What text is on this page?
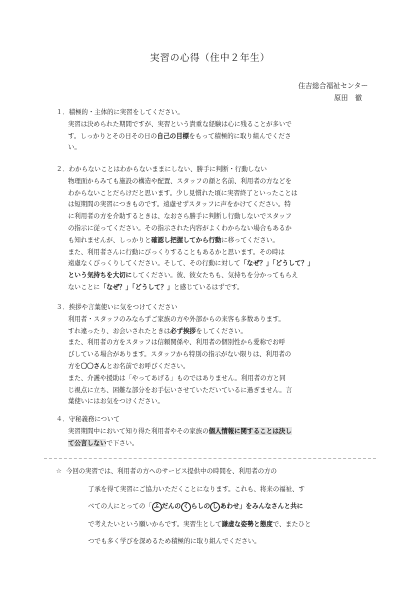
実習の心得（住中２年生）
住吉総合福祉センター
原田　徹

１．積極的・主体的に実習をしてください。

実習は決められた期間ですが、実習という貴重な経験は心に残ることが多いで

す。しっかりとその日その日の自己の目標をもって積極的に取り組んでくださ

い。

２．わからないことはわからないままにしない、勝手に判断・行動しない

物理面からみても施設の構造や配置、スタッフの顔と名前、利用者の方などを

わからないことだらけだと思います。少し見慣れた頃に実習終了といったことは

は短期間の実習につきものです。遠慮せずスタッフに声をかけてください。特

に利用者の方を介助するときは、なおさら勝手に判断し行動しないでスタッフ

の指示に従ってください。その指示された内容がよくわからない場合もあるか

も知れませんが、しっかりと確認し把握してから行動に移ってください。

また、利用者さんに行動にびっくりすることもあるかと思います。その時は

遠慮なくびっくりしてください。そして、その行動に対して「なぜ？」「どうして？」

という気持ちを大切にしてください。彼、彼女たちも、気持ちを分かってもらえ

ないことに「なぜ？」「どうして？」と感じているはずです。

３．挨拶や言葉使いに気をつけてください

利用者・スタッフのみならずご家族の方や外部からの来客も多数あります。

すれ違ったり、お会いされたときは必ず挨拶をしてください。

また、利用者の方をスタッフは信頼関係や、利用者の個別性から愛称でお呼

びしている場合があります。スタッフから特別の指示がない限りは、利用者の

方を〇〇さんとお名前でお呼びください。

また、介護や援助は「やってあげる」ものではありません。利用者の方と同

じ視点に立ち、困難な部分をお手伝いさせていただいているに過ぎません。言

葉使いにはお気をつけください。

４．守秘義務について

実習期間中において知り得た利用者やその家族の個人情報に関することは決し

て公言しないで下さい。

☆ 今回の実習では、利用者の方へのサービス提供中の時間を、利用者の方の
了承を得て実習にご協力いただくことになります。これも、将来の福祉、す
べての人にとっての「 ふ だんの く らしの し あわせ」をみんなさんと共に
で考えたいという願いからです。実習生として謙虚な姿勢と態度で、またひと
つでも多く学びを深めるため積極的に取り組んでください。
